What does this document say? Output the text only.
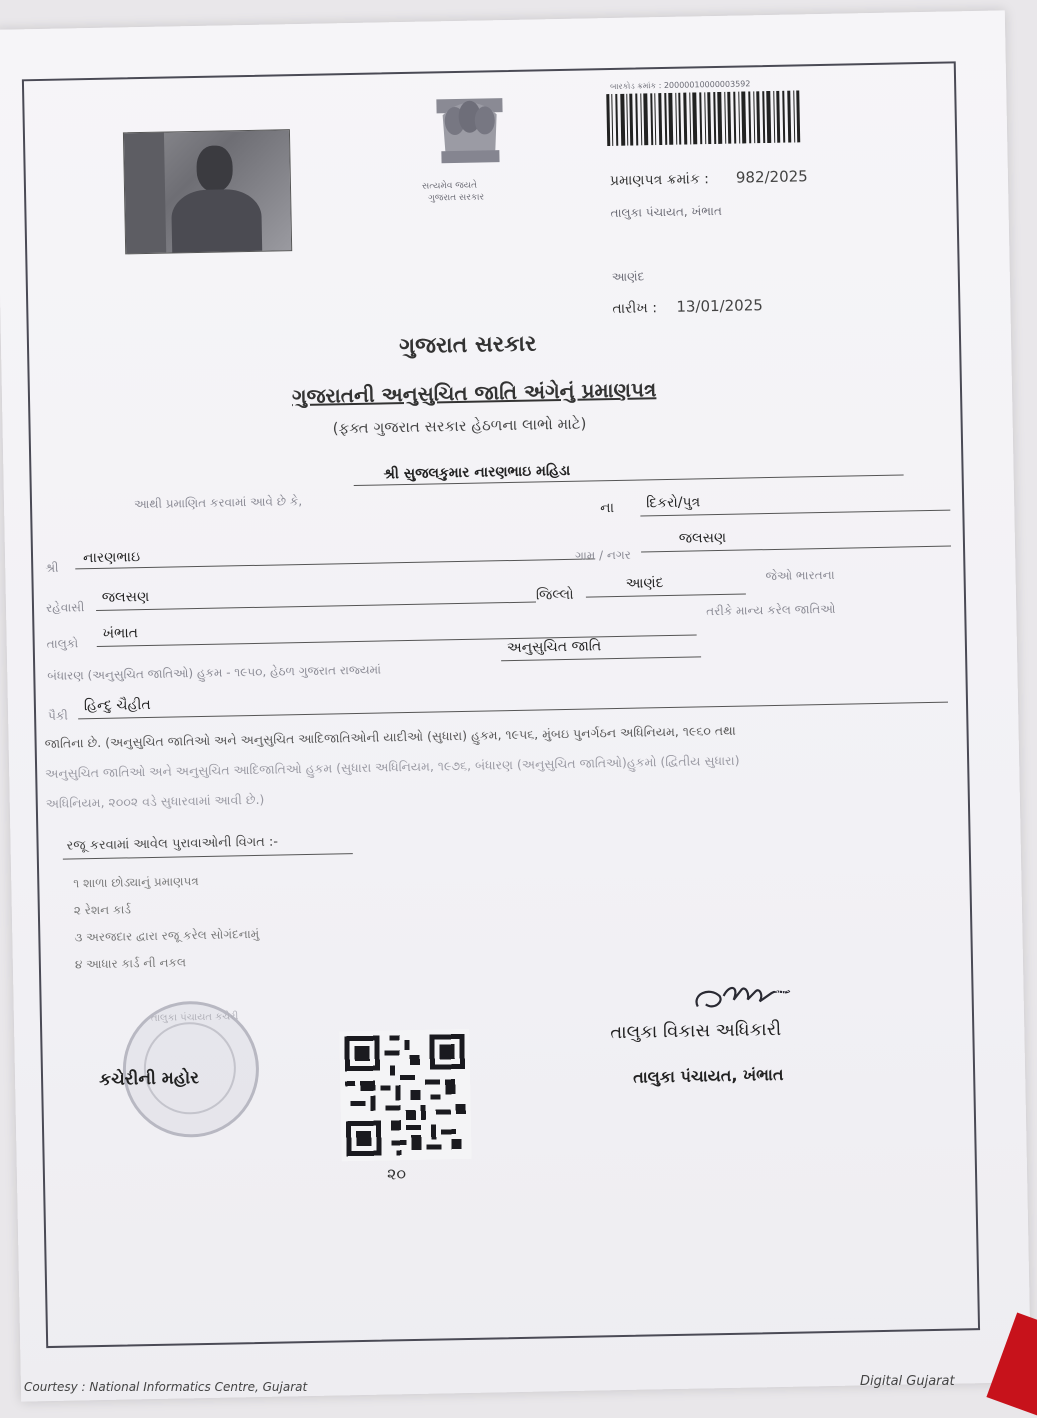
સત્યમેવ જયતે
ગુજરાત સરકાર
બારકોડ ક્રમાંક : 20000010000003592
પ્રમાણપત્ર ક્રમાંક : 982/2025
તાલુકા પંચાયત, ખંભાત
આણંદ
તારીખ : 13/01/2025
ગુજરાત સરકાર
ગુજરાતની અનુસુચિત જાતિ અંગેનું પ્રમાણપત્ર
(ફક્ત ગુજરાત સરકાર હેઠળના લાભો માટે)
આથી પ્રમાણિત કરવામાં આવે છે કે,
શ્રી સુજલકુમાર નારણભાઇ મહિડા
ના દિકરો/પુત્ર
શ્રી
નારણભાઇ	ગામ / નગર
જલસણ
રહેવાસી
જલસણ	જિલ્લો
આણંદ	જેઓ ભારતના
તાલુકો
ખંભાત
તરીકે માન્ય કરેલ જાતિઓ
બંધારણ (અનુસુચિત જાતિઓ) હુકમ - ૧૯૫૦, હેઠળ ગુજરાત રાજ્યમાં
અનુસુચિત જાતિ
પૈકી
હિન્દુ ચૈહીત
જાતિના છે. (અનુસુચિત જાતિઓ અને અનુસુચિત આદિજાતિઓની યાદીઓ (સુધારા) હુકમ, ૧૯૫૬, મુંબઇ પુનર્ગઠન અધિનિયમ, ૧૯૬૦ તથા
અનુસુચિત જાતિઓ અને અનુસુચિત આદિજાતિઓ હુકમ (સુધારા અધિનિયમ, ૧૯૭૬, બંધારણ (અનુસુચિત જાતિઓ)હુકમો (દ્વિતીય સુધારા)
અધિનિયમ, ૨૦૦૨ વડે સુધારવામાં આવી છે.)
રજૂ કરવામાં આવેલ પુરાવાઓની વિગત :-
૧ શાળા છોડ્યાનું પ્રમાણપત્ર
૨ રેશન કાર્ડ
૩ અરજદાર દ્વારા રજૂ કરેલ સોગંદનામું
૪ આધાર કાર્ડ ની નકલ
તાલુકા પંચાયત કચેરી
કચેરીની મહોર
૨૦
Sd/-
તાલુકા વિકાસ અધિકારી
તાલુકા પંચાયત, ખંભાત
Courtesy : National Informatics Centre, Gujarat	Digital Gujarat
